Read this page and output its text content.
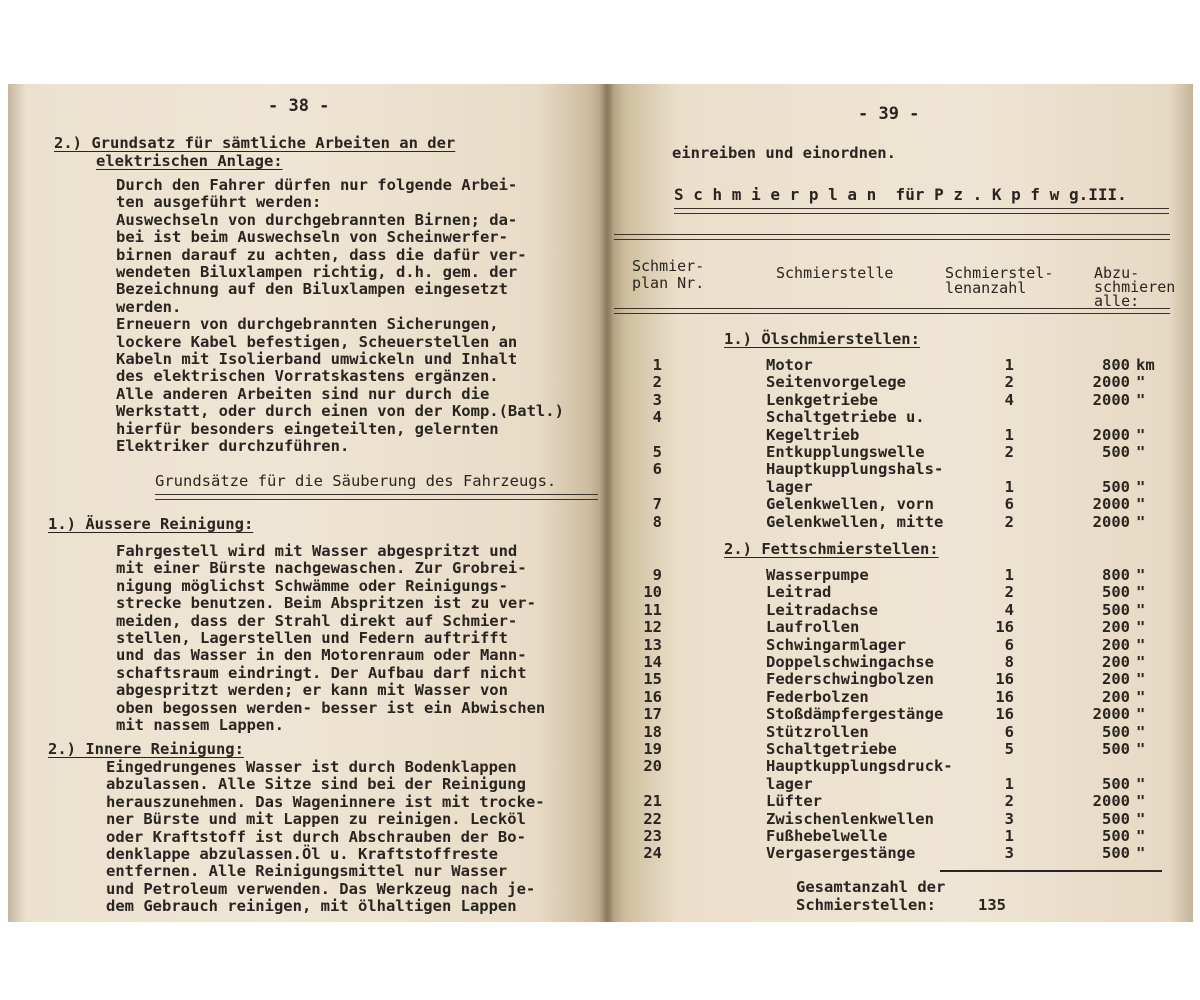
- 38 -
2.) Grundsatz für sämtliche Arbeiten an der
elektrischen Anlage:
Durch den Fahrer dürfen nur folgende Arbei-
ten ausgeführt werden:
Auswechseln von durchgebrannten Birnen; da-
bei ist beim Auswechseln von Scheinwerfer-
birnen darauf zu achten, dass die dafür ver-
wendeten Biluxlampen richtig, d.h. gem. der
Bezeichnung auf den Biluxlampen eingesetzt
werden.
Erneuern von durchgebrannten Sicherungen,
lockere Kabel befestigen, Scheuerstellen an
Kabeln mit Isolierband umwickeln und Inhalt
des elektrischen Vorratskastens ergänzen.
Alle anderen Arbeiten sind nur durch die
Werkstatt, oder durch einen von der Komp.(Batl.)
hierfür besonders eingeteilten, gelernten
Elektriker durchzuführen.
Grundsätze für die Säuberung des Fahrzeugs.
1.) Äussere Reinigung:
Fahrgestell wird mit Wasser abgespritzt und
mit einer Bürste nachgewaschen. Zur Grobrei-
nigung möglichst Schwämme oder Reinigungs-
strecke benutzen. Beim Abspritzen ist zu ver-
meiden, dass der Strahl direkt auf Schmier-
stellen, Lagerstellen und Federn auftrifft
und das Wasser in den Motorenraum oder Mann-
schaftsraum eindringt. Der Aufbau darf nicht
abgespritzt werden; er kann mit Wasser von
oben begossen werden- besser ist ein Abwischen
mit nassem Lappen.
2.) Innere Reinigung:
Eingedrungenes Wasser ist durch Bodenklappen
abzulassen. Alle Sitze sind bei der Reinigung
herauszunehmen. Das Wageninnere ist mit trocke-
ner Bürste und mit Lappen zu reinigen. Lecköl
oder Kraftstoff ist durch Abschrauben der Bo-
denklappe abzulassen.Öl u. Kraftstoffreste
entfernen. Alle Reinigungsmittel nur Wasser
und Petroleum verwenden. Das Werkzeug nach je-
dem Gebrauch reinigen, mit ölhaltigen Lappen
- 39 -
einreiben und einordnen.
S c h m i e r p l a n  für P z . K p f w g.III.
Schmier-
plan Nr.
Schmierstelle	Schmierstel-
lenanzahl
Abzu-
schmieren
alle:
1.) Ölschmierstellen:
2.) Fettschmierstellen:
1	Motor	1	800 km
2	Seitenvorgelege	2	2000 "
3	Lenkgetriebe	4	2000 "
4	Schaltgetriebe u.
Kegeltrieb	1	2000 "
5	Entkupplungswelle	2	500 "
6	Hauptkupplungshals-
lager	1	500 "
7	Gelenkwellen, vorn	6	2000 "
8	Gelenkwellen, mitte	2	2000 "
9	Wasserpumpe	1	800 "
10	Leitrad	2	500 "
11	Leitradachse	4	500 "
12	Laufrollen	16	200 "
13	Schwingarmlager	6	200 "
14	Doppelschwingachse	8	200 "
15	Federschwingbolzen	16	200 "
16	Federbolzen	16	200 "
17	Stoßdämpfergestänge	16	2000 "
18	Stützrollen	6	500 "
19	Schaltgetriebe	5	500 "
20	Hauptkupplungsdruck-
lager	1	500 "
21	Lüfter	2	2000 "
22	Zwischenlenkwellen	3	500 "
23	Fußhebelwelle	1	500 "
24	Vergasergestänge	3	500 "
Gesamtanzahl der
Schmierstellen:	135
